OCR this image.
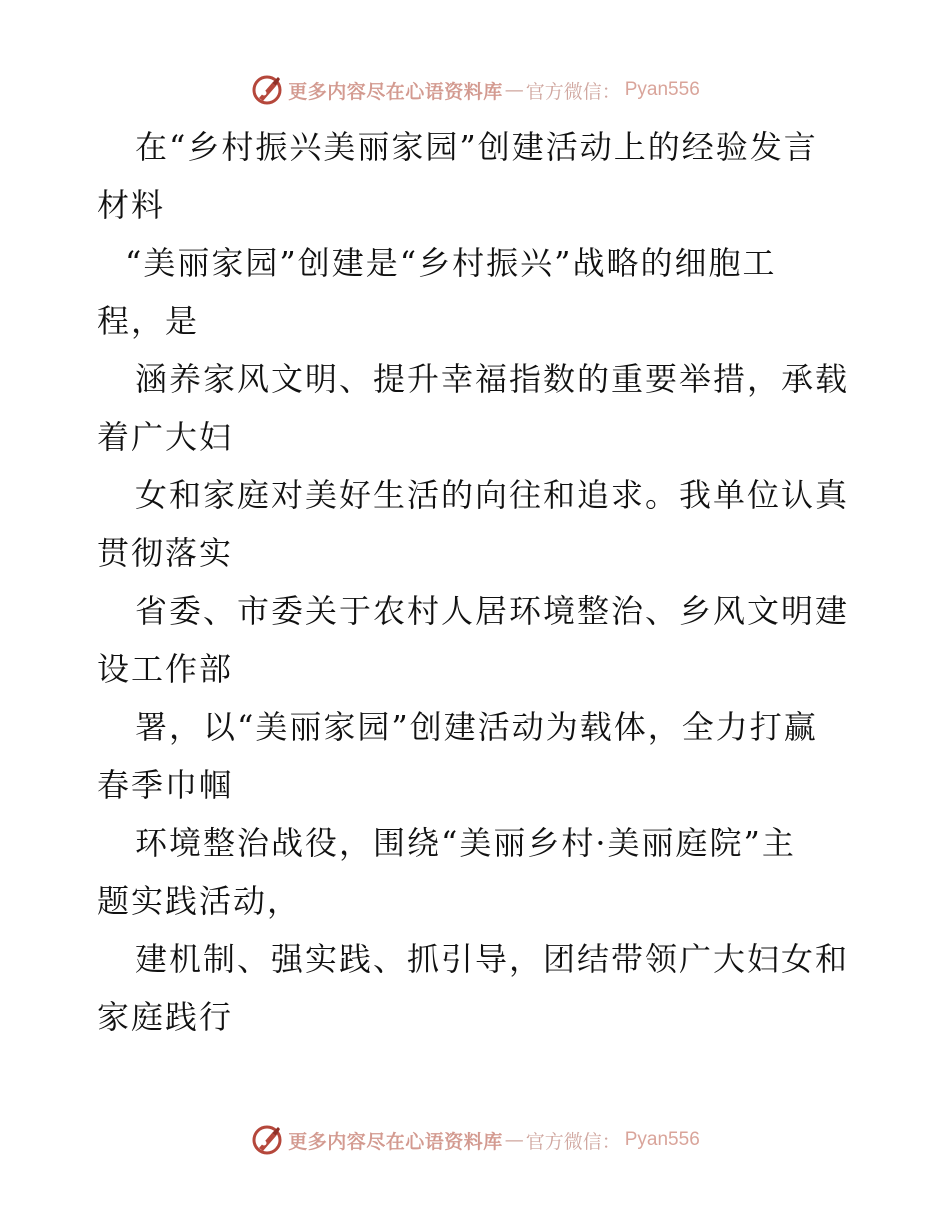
更多内容尽在心语资料库 — 官方微信： Pyan556

在“乡村振兴美丽家园”创建活动上的经验发言
材料

“美丽家园”创建是“乡村振兴”战略的细胞工
程，是

涵养家风文明、提升幸福指数的重要举措，承载
着广大妇

女和家庭对美好生活的向往和追求。我单位认真
贯彻落实

省委、市委关于农村人居环境整治、乡风文明建
设工作部

署，以“美丽家园”创建活动为载体，全力打赢
春季巾帼

环境整治战役，围绕“美丽乡村·美丽庭院”主
题实践活动，

建机制、强实践、抓引导，团结带领广大妇女和
家庭践行

更多内容尽在心语资料库 — 官方微信： Pyan556
